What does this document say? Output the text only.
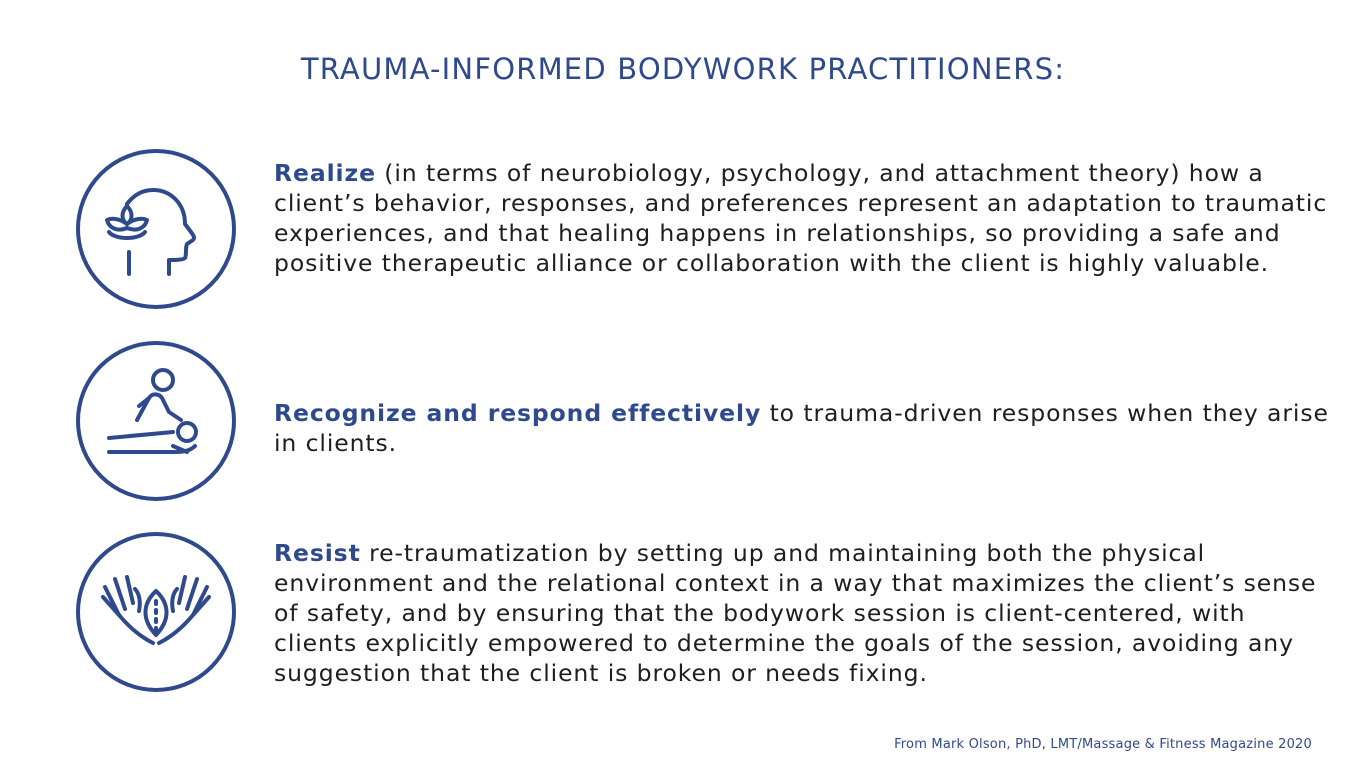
TRAUMA-INFORMED BODYWORK PRACTITIONERS:

Realize (in terms of neurobiology, psychology, and attachment theory) how a client’s behavior, responses, and preferences represent an adaptation to traumatic experiences, and that healing happens in relationships, so providing a safe and positive therapeutic alliance or collaboration with the client is highly valuable.

Recognize and respond effectively to trauma-driven responses when they arise in clients.

Resist re-traumatization by setting up and maintaining both the physical environment and the relational context in a way that maximizes the client’s sense of safety, and by ensuring that the bodywork session is client-centered, with clients explicitly empowered to determine the goals of the session, avoiding any suggestion that the client is broken or needs fixing.

From Mark Olson, PhD, LMT/Massage & Fitness Magazine 2020
